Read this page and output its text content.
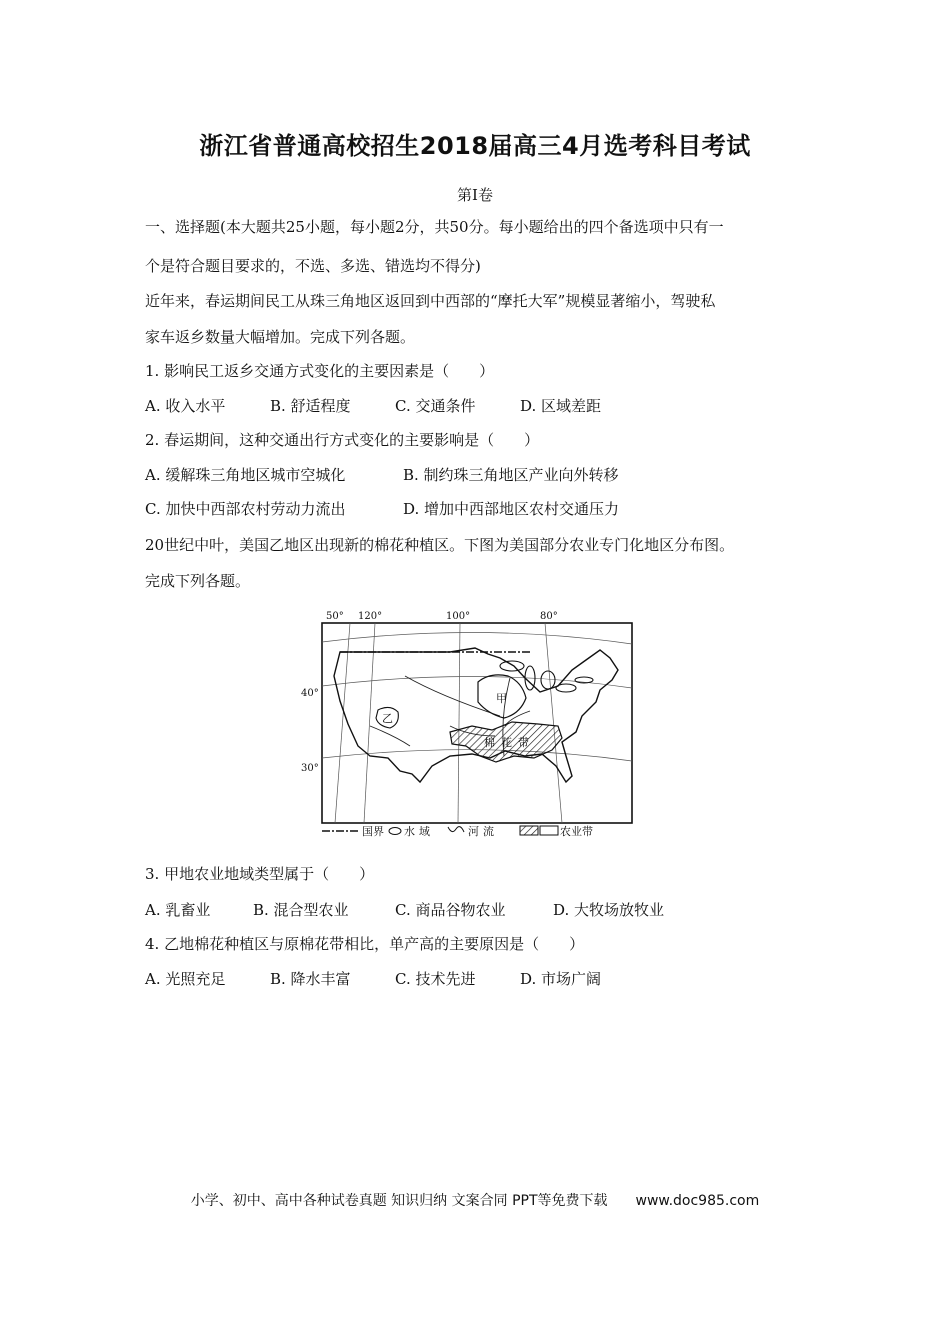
浙江省普通高校招生2018届高三4月选考科目考试
第Ⅰ卷
一、选择题(本大题共25小题，每小题2分，共50分。每小题给出的四个备选项中只有一
个是符合题目要求的，不选、多选、错选均不得分)
近年来，春运期间民工从珠三角地区返回到中西部的“摩托大军”规模显著缩小，驾驶私
家车返乡数量大幅增加。完成下列各题。
1. 影响民工返乡交通方式变化的主要因素是（　　）
A. 收入水平	B. 舒适程度	C. 交通条件	D. 区域差距
2. 春运期间，这种交通出行方式变化的主要影响是（　　）
A. 缓解珠三角地区城市空城化	B. 制约珠三角地区产业向外转移
C. 加快中西部农村劳动力流出	D. 增加中西部地区农村交通压力
20世纪中叶，美国乙地区出现新的棉花种植区。下图为美国部分农业专门化地区分布图。
完成下列各题。
50° 120°	100°	80°
40°
30°
甲
乙
棉花带
国界 水域	河流	农业带
3. 甲地农业地域类型属于（　　）
A. 乳畜业	B. 混合型农业	C. 商品谷物农业	D. 大牧场放牧业
4. 乙地棉花种植区与原棉花带相比，单产高的主要原因是（　　）
A. 光照充足	B. 降水丰富	C. 技术先进	D. 市场广阔
小学、初中、高中各种试卷真题 知识归纳 文案合同 PPT等免费下载 www.doc985.com
